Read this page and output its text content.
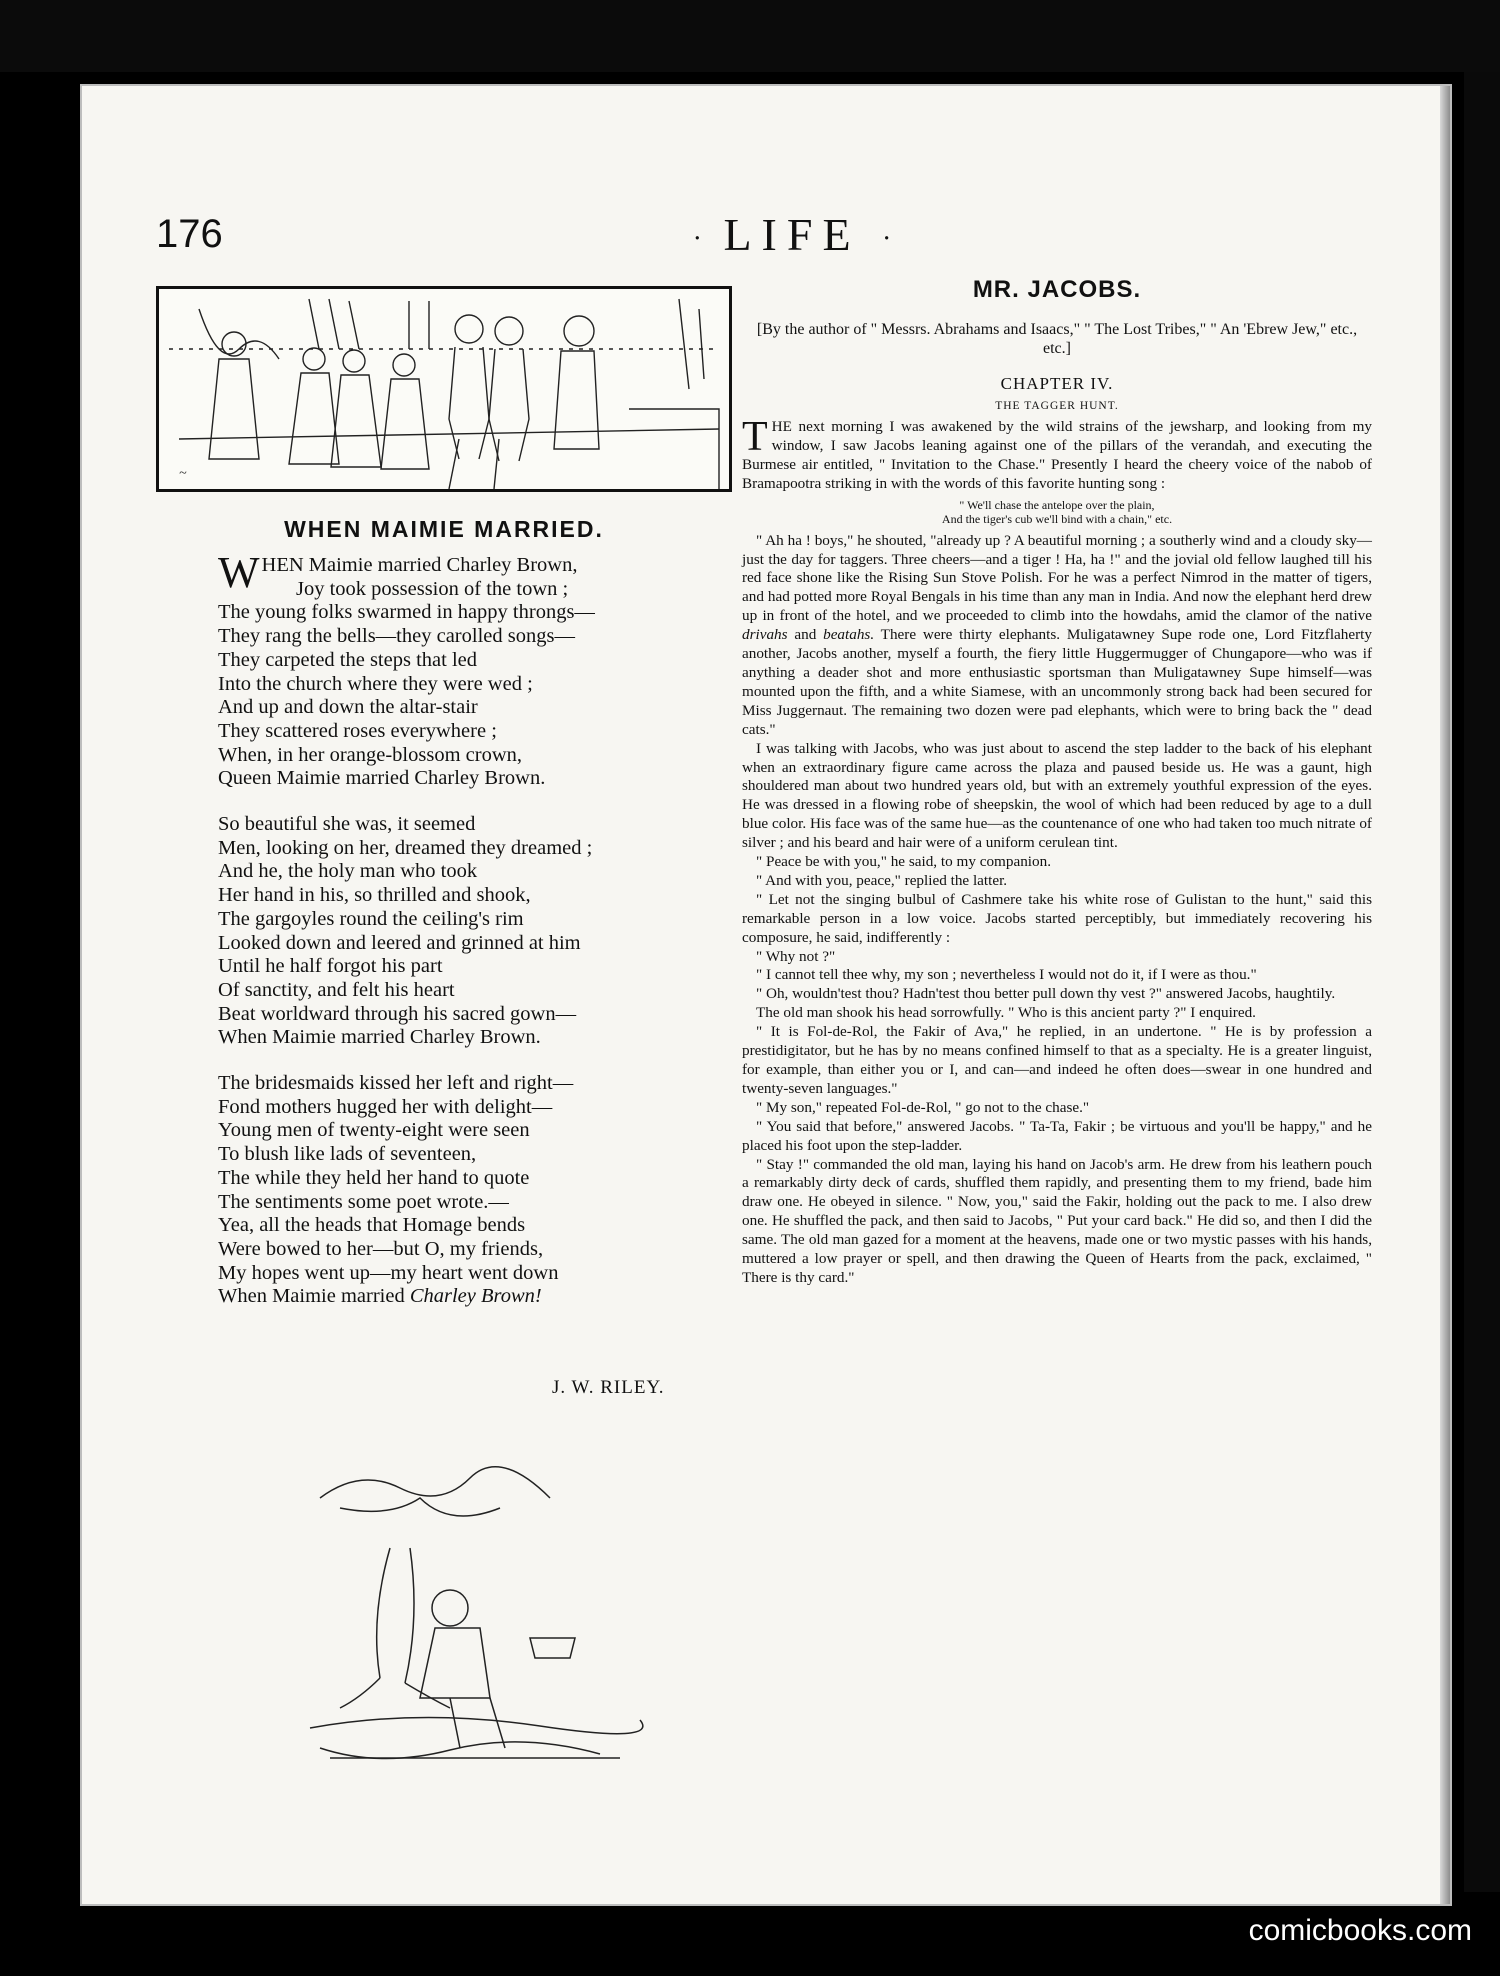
176	· LIFE ·
~
WHEN MAIMIE MARRIED.
W HEN Maimie married Charley Brown,
Joy took possession of the town ;
The young folks swarmed in happy throngs—
They rang the bells—they carolled songs—
They carpeted the steps that led
Into the church where they were wed ;
And up and down the altar-stair
They scattered roses everywhere ;
When, in her orange-blossom crown,
Queen Maimie married Charley Brown.
So beautiful she was, it seemed
Men, looking on her, dreamed they dreamed ;
And he, the holy man who took
Her hand in his, so thrilled and shook,
The gargoyles round the ceiling's rim
Looked down and leered and grinned at him
Until he half forgot his part
Of sanctity, and felt his heart
Beat worldward through his sacred gown—
When Maimie married Charley Brown.
The bridesmaids kissed her left and right—
Fond mothers hugged her with delight—
Young men of twenty-eight were seen
To blush like lads of seventeen,
The while they held her hand to quote
The sentiments some poet wrote.—
Yea, all the heads that Homage bends
Were bowed to her—but O, my friends,
My hopes went up—my heart went down
When Maimie married Charley Brown!
J. W. RILEY.
MR. JACOBS.
[By the author of " Messrs. Abrahams and Isaacs," " The Lost Tribes," " An 'Ebrew Jew," etc., etc.]
CHAPTER IV.
THE TAGGER HUNT.

THE next morning I was awakened by the wild strains of the jewsharp, and looking from my window, I saw Jacobs leaning against one of the pillars of the verandah, and executing the Burmese air entitled, " Invitation to the Chase." Presently I heard the cheery voice of the nabob of Bramapootra striking in with the words of this favorite hunting song :

" We'll chase the antelope over the plain,
And the tiger's cub we'll bind with a chain," etc.

" Ah ha ! boys," he shouted, "already up ? A beautiful morning ; a southerly wind and a cloudy sky—just the day for taggers. Three cheers—and a tiger ! Ha, ha !" and the jovial old fellow laughed till his red face shone like the Rising Sun Stove Polish. For he was a perfect Nimrod in the matter of tigers, and had potted more Royal Bengals in his time than any man in India. And now the elephant herd drew up in front of the hotel, and we proceeded to climb into the howdahs, amid the clamor of the native drivahs and beatahs. There were thirty elephants. Muligatawney Supe rode one, Lord Fitzflaherty another, Jacobs another, myself a fourth, the fiery little Huggermugger of Chungapore—who was if anything a deader shot and more enthusiastic sportsman than Muligatawney Supe himself—was mounted upon the fifth, and a white Siamese, with an uncommonly strong back had been secured for Miss Juggernaut. The remaining two dozen were pad elephants, which were to bring back the " dead cats."

I was talking with Jacobs, who was just about to ascend the step ladder to the back of his elephant when an extraordinary figure came across the plaza and paused beside us. He was a gaunt, high shouldered man about two hundred years old, but with an extremely youthful expression of the eyes. He was dressed in a flowing robe of sheepskin, the wool of which had been reduced by age to a dull blue color. His face was of the same hue—as the countenance of one who had taken too much nitrate of silver ; and his beard and hair were of a uniform cerulean tint.

" Peace be with you," he said, to my companion.

" And with you, peace," replied the latter.

" Let not the singing bulbul of Cashmere take his white rose of Gulistan to the hunt," said this remarkable person in a low voice. Jacobs started perceptibly, but immediately recovering his composure, he said, indifferently :

" Why not ?"

" I cannot tell thee why, my son ; nevertheless I would not do it, if I were as thou."

" Oh, wouldn'test thou? Hadn'test thou better pull down thy vest ?" answered Jacobs, haughtily.

The old man shook his head sorrowfully. " Who is this ancient party ?" I enquired.

" It is Fol-de-Rol, the Fakir of Ava," he replied, in an undertone. " He is by profession a prestidigitator, but he has by no means confined himself to that as a specialty. He is a greater linguist, for example, than either you or I, and can—and indeed he often does—swear in one hundred and twenty-seven languages."

" My son," repeated Fol-de-Rol, " go not to the chase."

" You said that before," answered Jacobs. " Ta-Ta, Fakir ; be virtuous and you'll be happy," and he placed his foot upon the step-ladder.

" Stay !" commanded the old man, laying his hand on Jacob's arm. He drew from his leathern pouch a remarkably dirty deck of cards, shuffled them rapidly, and presenting them to my friend, bade him draw one. He obeyed in silence. " Now, you," said the Fakir, holding out the pack to me. I also drew one. He shuffled the pack, and then said to Jacobs, " Put your card back." He did so, and then I did the same. The old man gazed for a moment at the heavens, made one or two mystic passes with his hands, muttered a low prayer or spell, and then drawing the Queen of Hearts from the pack, exclaimed, " There is thy card."

comicbooks.com
